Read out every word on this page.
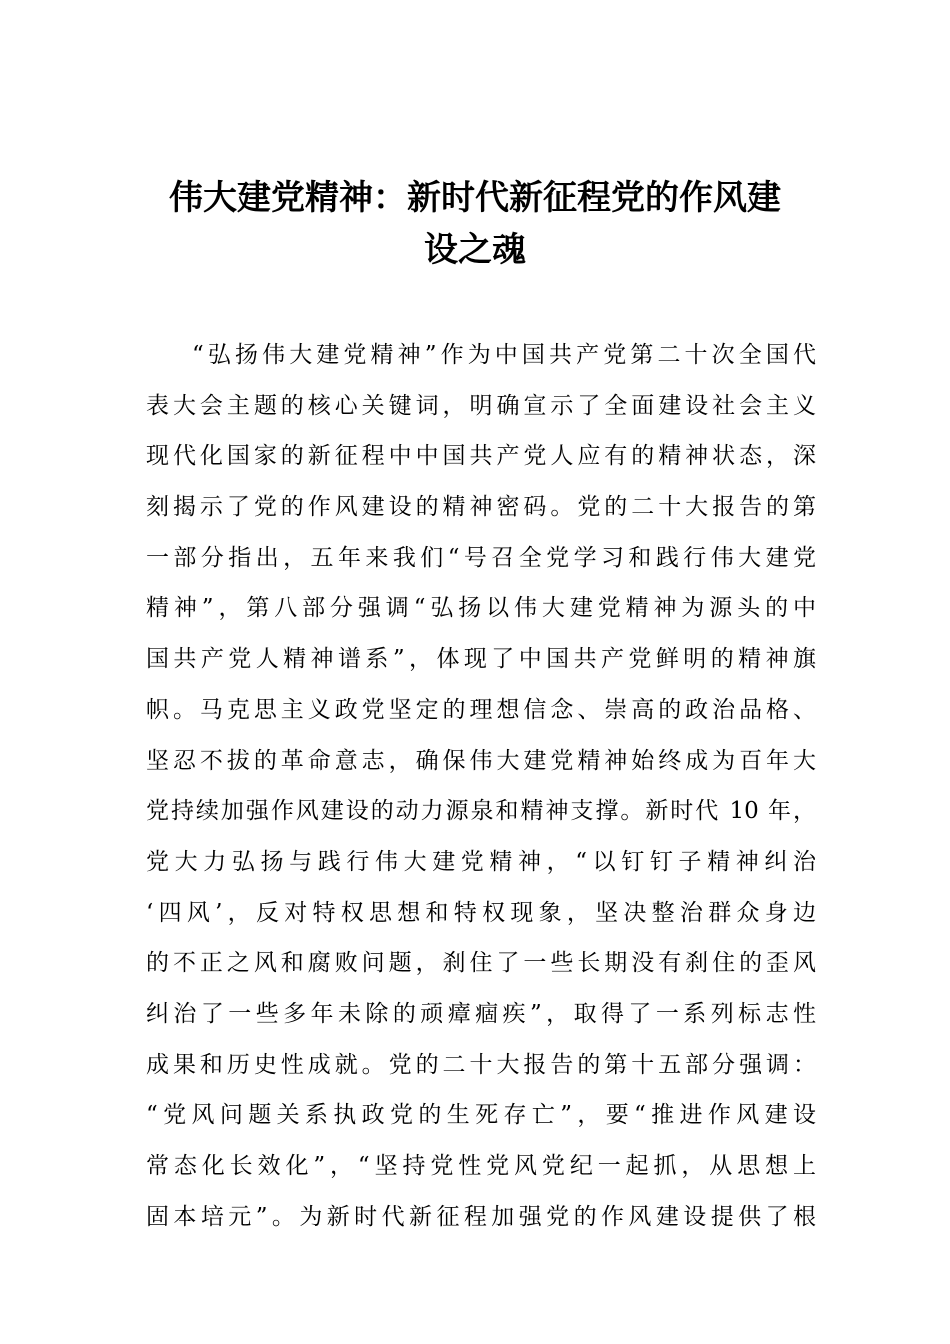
伟大建党精神：新时代新征程党的作风建
设之魂
“弘扬伟大建党精神”作为中国共产党第二十次全国代
表大会主题的核心关键词，明确宣示了全面建设社会主义
现代化国家的新征程中中国共产党人应有的精神状态，深
刻揭示了党的作风建设的精神密码。党的二十大报告的第
一部分指出，五年来我们“号召全党学习和践行伟大建党
精神”，第八部分强调“弘扬以伟大建党精神为源头的中
国共产党人精神谱系”，体现了中国共产党鲜明的精神旗
帜。马克思主义政党坚定的理想信念、崇高的政治品格、
坚忍不拔的革命意志，确保伟大建党精神始终成为百年大
党持续加强作风建设的动力源泉和精神支撑。新时代 10 年，
党大力弘扬与践行伟大建党精神，“以钉钉子精神纠治
‘四风’，反对特权思想和特权现象，坚决整治群众身边
的不正之风和腐败问题，刹住了一些长期没有刹住的歪风
纠治了一些多年未除的顽瘴痼疾”，取得了一系列标志性
成果和历史性成就。党的二十大报告的第十五部分强调：
“党风问题关系执政党的生死存亡”，要“推进作风建设
常态化长效化”，“坚持党性党风党纪一起抓，从思想上
固本培元”。为新时代新征程加强党的作风建设提供了根
